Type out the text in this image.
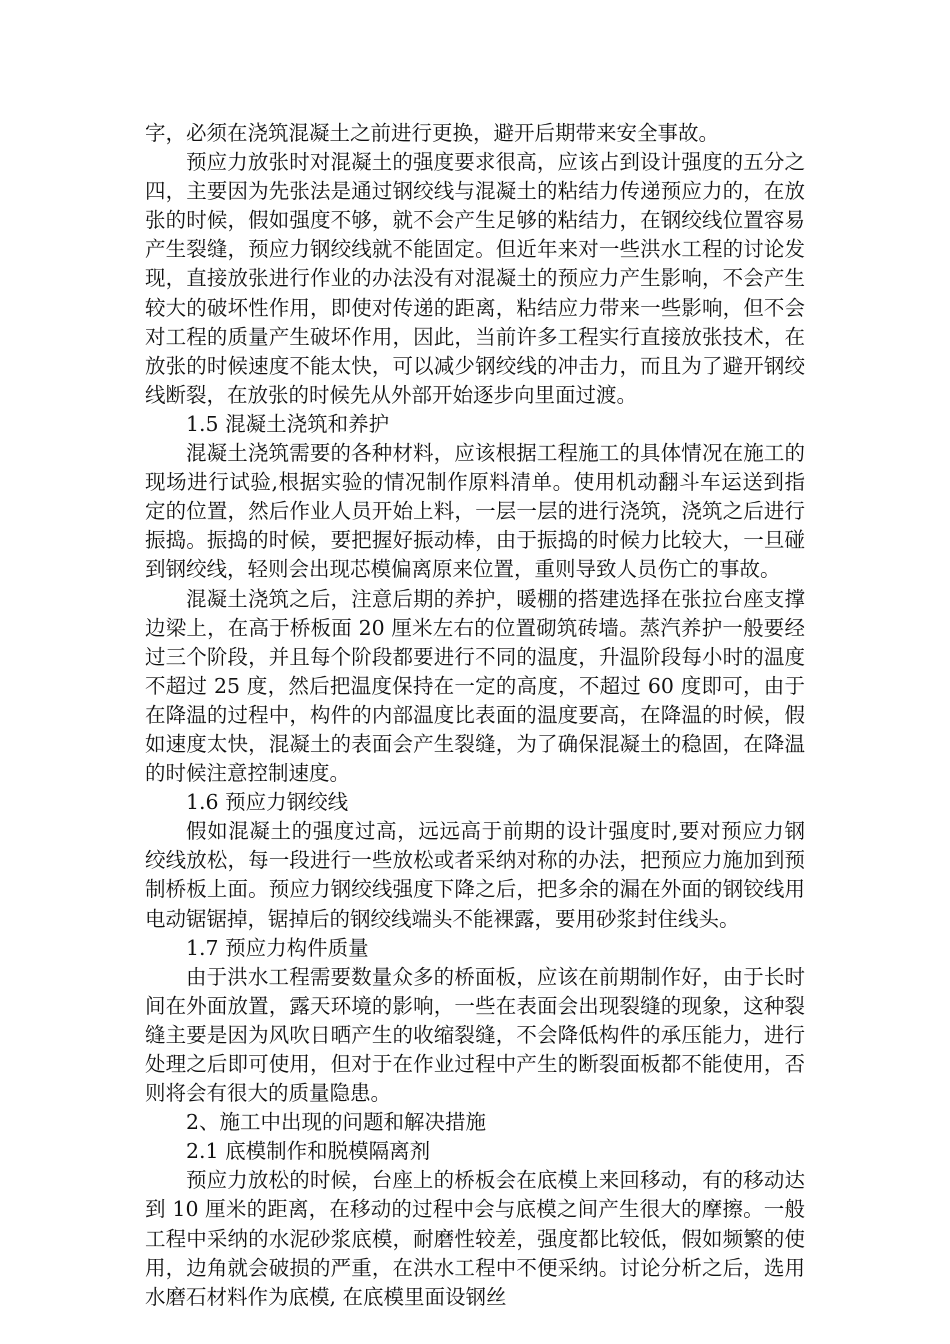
字，必须在浇筑混凝土之前进行更换，避开后期带来安全事故。

预应力放张时对混凝土的强度要求很高，应该占到设计强度的五分之四，主要因为先张法是通过钢绞线与混凝土的粘结力传递预应力的，在放张的时候，假如强度不够，就不会产生足够的粘结力，在钢绞线位置容易产生裂缝，预应力钢绞线就不能固定。但近年来对一些洪水工程的讨论发现，直接放张进行作业的办法没有对混凝土的预应力产生影响，不会产生较大的破坏性作用，即使对传递的距离，粘结应力带来一些影响，但不会对工程的质量产生破坏作用，因此，当前许多工程实行直接放张技术，在放张的时候速度不能太快，可以减少钢绞线的冲击力，而且为了避开钢绞线断裂，在放张的时候先从外部开始逐步向里面过渡。

1.5 混凝土浇筑和养护

混凝土浇筑需要的各种材料，应该根据工程施工的具体情况在施工的现场进行试验,根据实验的情况制作原料清单。使用机动翻斗车运送到指定的位置，然后作业人员开始上料，一层一层的进行浇筑，浇筑之后进行振捣。振捣的时候，要把握好振动棒，由于振捣的时候力比较大，一旦碰到钢绞线，轻则会出现芯模偏离原来位置，重则导致人员伤亡的事故。

混凝土浇筑之后，注意后期的养护，暖棚的搭建选择在张拉台座支撑边梁上，在高于桥板面 20 厘米左右的位置砌筑砖墙。蒸汽养护一般要经过三个阶段，并且每个阶段都要进行不同的温度，升温阶段每小时的温度不超过 25 度，然后把温度保持在一定的高度，不超过 60 度即可，由于在降温的过程中，构件的内部温度比表面的温度要高，在降温的时候，假如速度太快，混凝土的表面会产生裂缝，为了确保混凝土的稳固，在降温的时候注意控制速度。

1.6 预应力钢绞线

假如混凝土的强度过高，远远高于前期的设计强度时,要对预应力钢绞线放松，每一段进行一些放松或者采纳对称的办法，把预应力施加到预制桥板上面。预应力钢绞线强度下降之后，把多余的漏在外面的钢铰线用电动锯锯掉，锯掉后的钢绞线端头不能裸露，要用砂浆封住线头。

1.7 预应力构件质量

由于洪水工程需要数量众多的桥面板，应该在前期制作好，由于长时间在外面放置，露天环境的影响，一些在表面会出现裂缝的现象，这种裂缝主要是因为风吹日晒产生的收缩裂缝，不会降低构件的承压能力，进行处理之后即可使用，但对于在作业过程中产生的断裂面板都不能使用，否则将会有很大的质量隐患。

2、施工中出现的问题和解决措施

2.1 底模制作和脱模隔离剂

预应力放松的时候，台座上的桥板会在底模上来回移动，有的移动达到 10 厘米的距离，在移动的过程中会与底模之间产生很大的摩擦。一般工程中采纳的水泥砂浆底模，耐磨性较差，强度都比较低，假如频繁的使用，边角就会破损的严重，在洪水工程中不便采纳。讨论分析之后，选用水磨石材料作为底模, 在底模里面设钢丝
